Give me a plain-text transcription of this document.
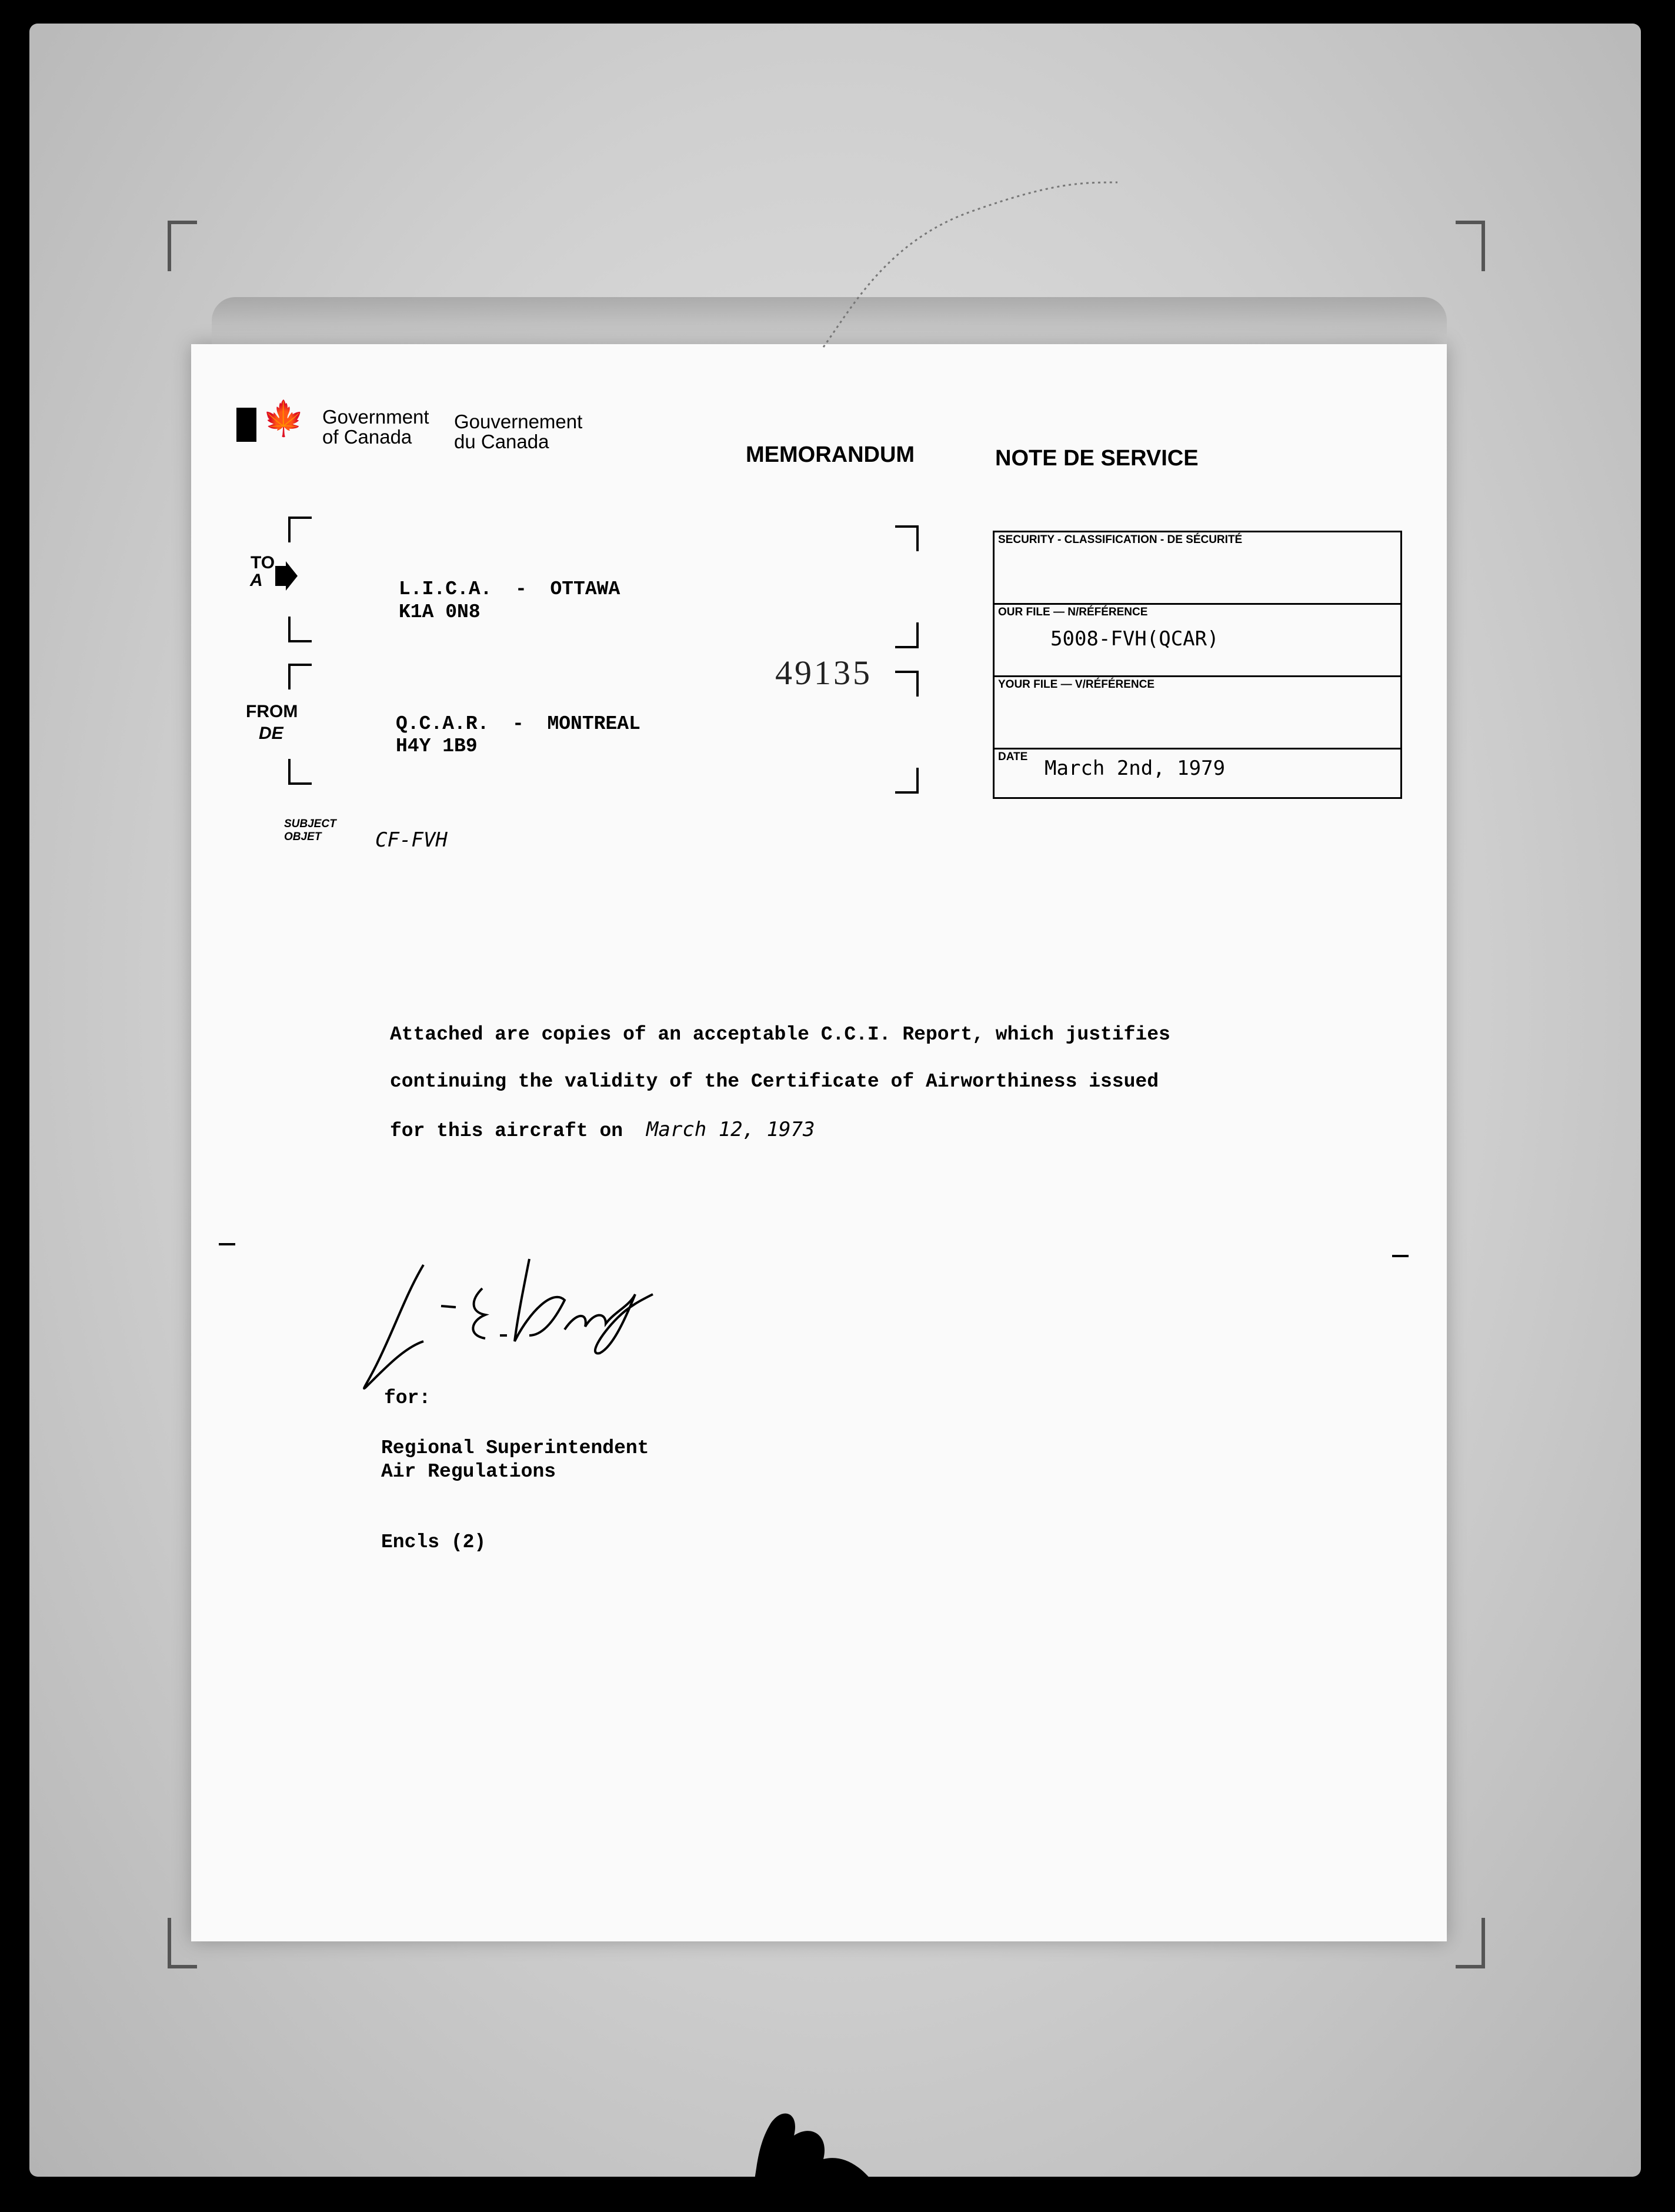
🍁 Government
of Canada
Gouvernement
du Canada
MEMORANDUM	NOTE DE SERVICE
TO
A	L.I.C.A.  -  OTTAWA
K1A 0N8
49135
FROM
DE	Q.C.A.R.  -  MONTREAL
H4Y 1B9
SUBJECT
OBJET	CF-FVH
SECURITY - CLASSIFICATION - DE SÉCURITÉ
OUR FILE — N/RÉFÉRENCE
5008-FVH(QCAR)
YOUR FILE — V/RÉFÉRENCE
DATE March 2nd, 1979
Attached are copies of an acceptable C.C.I. Report, which justifies
continuing the validity of the Certificate of Airworthiness issued
for this aircraft on March 12, 1973
for:
Regional Superintendent
Air Regulations
Encls (2)
